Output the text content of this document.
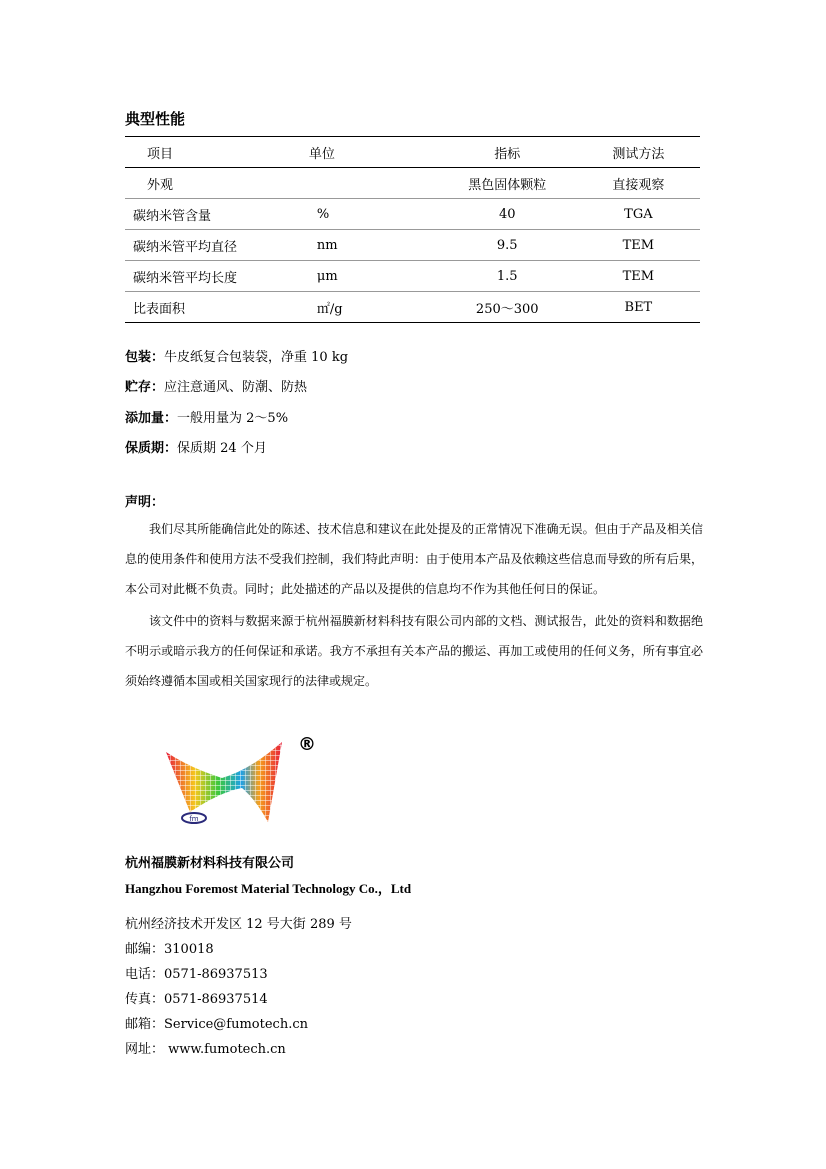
典型性能
项目	单位	指标	测试方法
外观		黑色固体颗粒	直接观察
碳纳米管含量	%	40	TGA
碳纳米管平均直径	nm	9.5	TEM
碳纳米管平均长度	μm	1.5	TEM
比表面积	㎡/g	250～300	BET
包装：牛皮纸复合包装袋，净重 10 kg
贮存：应注意通风、防潮、防热
添加量：一般用量为 2～5%
保质期：保质期 24 个月
声明：
我们尽其所能确信此处的陈述、技术信息和建议在此处提及的正常情况下准确无误。但由于产品及相关信息的使用条件和使用方法不受我们控制，我们特此声明：由于使用本产品及依赖这些信息而导致的所有后果，本公司对此概不负责。同时；此处描述的产品以及提供的信息均不作为其他任何日的保证。
该文件中的资料与数据来源于杭州福膜新材料科技有限公司内部的文档、测试报告，此处的资料和数据绝不明示或暗示我方的任何保证和承诺。我方不承担有关本产品的搬运、再加工或使用的任何义务，所有事宜必须始终遵循本国或相关国家现行的法律或规定。
fm
®
杭州福膜新材料科技有限公司
Hangzhou Foremost Material Technology Co.，Ltd
杭州经济技术开发区 12 号大街 289 号
邮编：310018
电话：0571-86937513
传真：0571-86937514
邮箱：Service@fumotech.cn
网址： www.fumotech.cn
